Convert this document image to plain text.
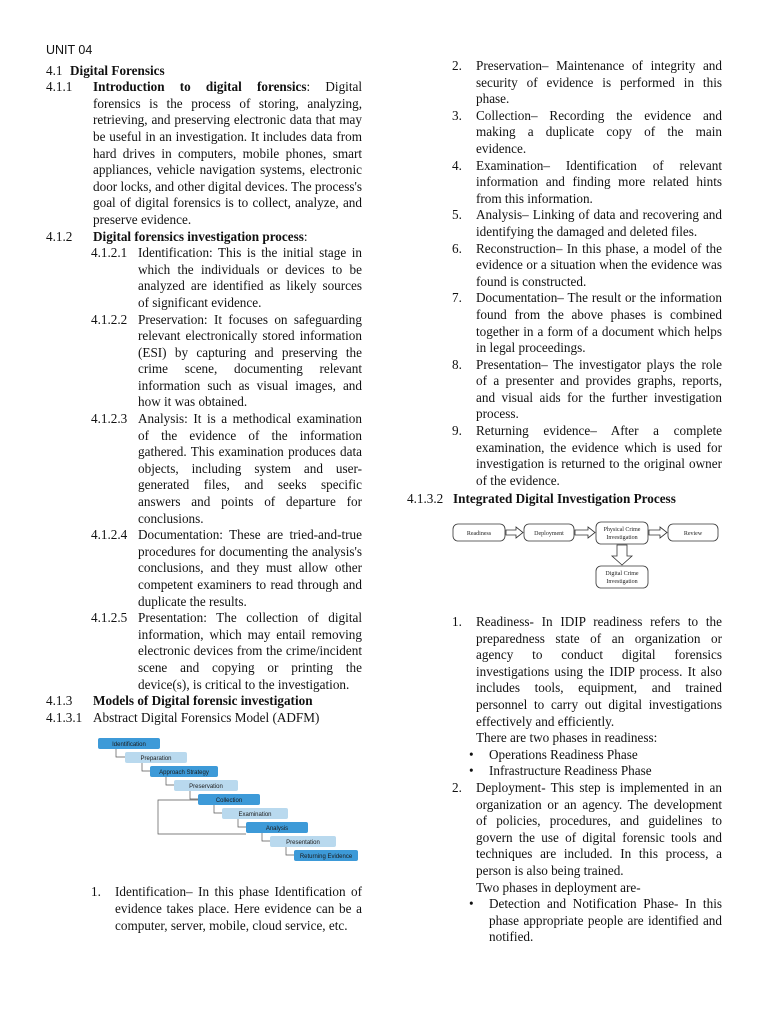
UNIT 04
4.1 Digital Forensics
4.1.1	Introduction to digital forensics: Digital forensics is the process of storing, analyzing, retrieving, and preserving electronic data that may be useful in an investigation. It includes data from hard drives in computers, mobile phones, smart appliances, vehicle navigation systems, electronic door locks, and other digital devices. The process's goal of digital forensics is to collect, analyze, and preserve evidence.
4.1.2	Digital forensics investigation process:
4.1.2.1 Identification: This is the initial stage in which the individuals or devices to be analyzed are identified as likely sources of significant evidence.
4.1.2.2 Preservation: It focuses on safeguarding relevant electronically stored information (ESI) by capturing and preserving the crime scene, documenting relevant information such as visual images, and how it was obtained.
4.1.2.3 Analysis: It is a methodical examination of the evidence of the information gathered. This examination produces data objects, including system and user-generated files, and seeks specific answers and points of departure for conclusions.
4.1.2.4 Documentation: These are tried-and-true procedures for documenting the analysis's conclusions, and they must allow other competent examiners to read through and duplicate the results.
4.1.2.5 Presentation: The collection of digital information, which may entail removing electronic devices from the crime/incident scene and copying or printing the device(s), is critical to the investigation.
4.1.3	Models of Digital forensic investigation
4.1.3.1 Abstract Digital Forensics Model (ADFM)
Identification
Preparation
Approach Strategy
Preservation
Collection
Examination
Analysis
Presentation
Returning Evidence
1.	Identification– In this phase Identification of evidence takes place. Here evidence can be a computer, server, mobile, cloud service, etc.
2.	Preservation– Maintenance of integrity and security of evidence is performed in this phase.
3.	Collection– Recording the evidence and making a duplicate copy of the main evidence.
4.	Examination– Identification of relevant information and finding more related hints from this information.
5.	Analysis– Linking of data and recovering and identifying the damaged and deleted files.
6.	Reconstruction– In this phase, a model of the evidence or a situation when the evidence was found is constructed.
7.	Documentation– The result or the information found from the above phases is combined together in a form of a document which helps in legal proceedings.
8.	Presentation– The investigator plays the role of a presenter and provides graphs, reports, and visual aids for the further investigation process.
9.	Returning evidence– After a complete examination, the evidence which is used for investigation is returned to the original owner of the evidence.
4.1.3.2 Integrated Digital Investigation Process
Readiness	Deployment
Physical Crime
Investigation
Review
Digital Crime
Investigation
1.	Readiness- In IDIP readiness refers to the preparedness state of an organization or agency to conduct digital forensics investigations using the IDIP process. It also includes tools, equipment, and trained personnel to carry out digital investigations effectively and efficiently.
There are two phases in readiness:
•	Operations Readiness Phase
•	Infrastructure Readiness Phase
2.	Deployment- This step is implemented in an organization or an agency. The development of policies, procedures, and guidelines to govern the use of digital forensic tools and techniques are included. In this process, a person is also being trained.
Two phases in deployment are-
•	Detection and Notification Phase- In this phase appropriate people are identified and notified.
